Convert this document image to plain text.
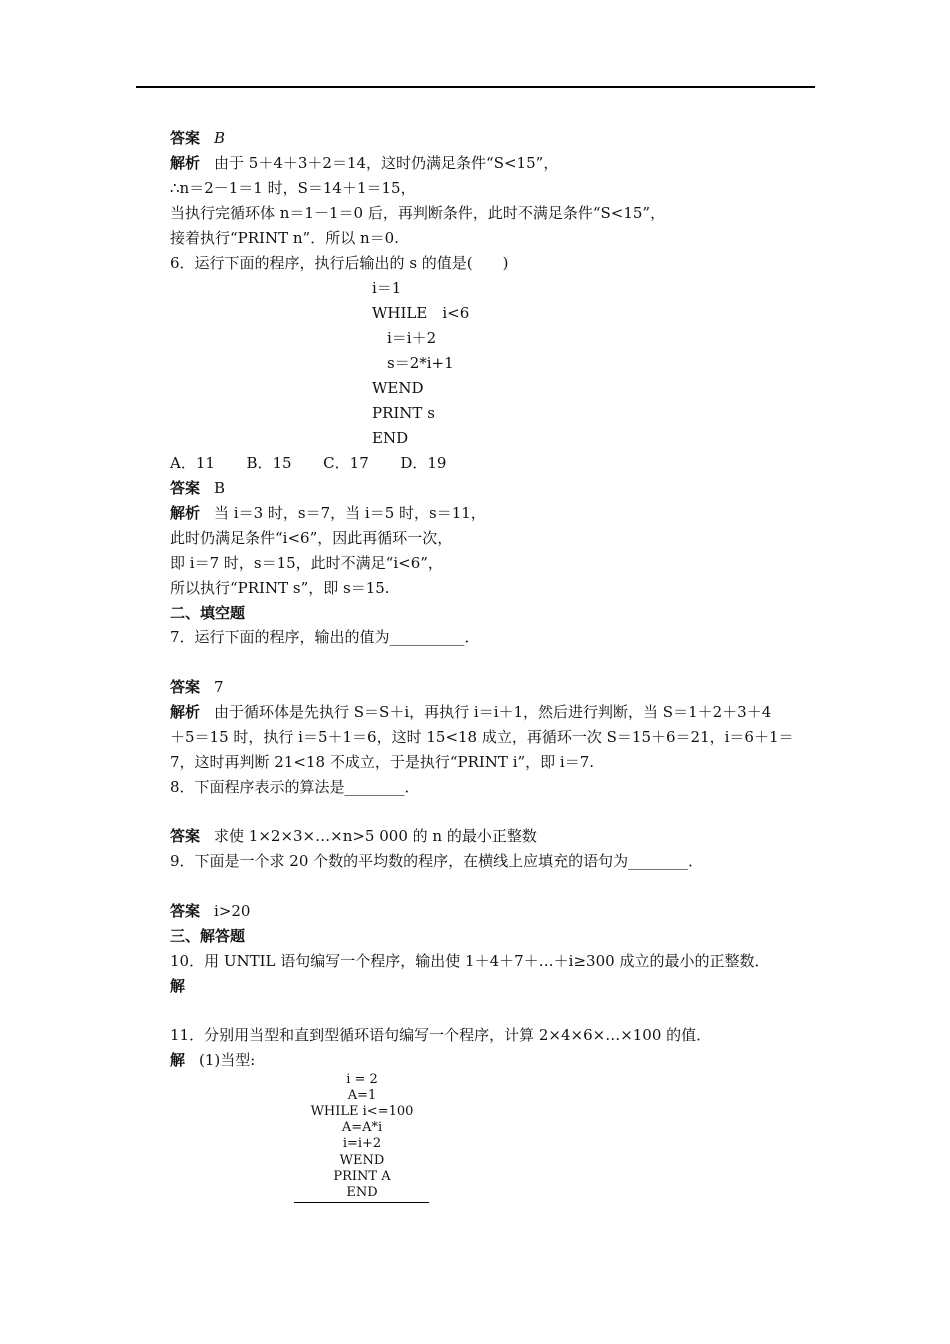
答案 B
解析 由于 5＋4＋3＋2＝14，这时仍满足条件“S<15”，
∴n＝2－1＝1 时，S＝14＋1＝15，
当执行完循环体 n＝1－1＝0 后，再判断条件，此时不满足条件“S<15”，
接着执行“PRINT n”．所以 n＝0.
6．运行下面的程序，执行后输出的 s 的值是(　　)
i＝1
WHILE　i<6
　i＝i＋2
　s＝2*i+1
WEND
PRINT s
END
A．11 B．15 C．17 D．19
答案 B
解析 当 i＝3 时，s＝7，当 i＝5 时，s＝11，
此时仍满足条件“i<6”，因此再循环一次，
即 i＝7 时，s＝15，此时不满足“i<6”，
所以执行“PRINT s”，即 s＝15.
二、填空题
7．运行下面的程序，输出的值为__________．
答案 7
解析 由于循环体是先执行 S＝S＋i，再执行 i＝i＋1，然后进行判断，当 S＝1＋2＋3＋4
＋5＝15 时，执行 i＝5＋1＝6，这时 15<18 成立，再循环一次 S＝15＋6＝21，i＝6＋1＝
7，这时再判断 21<18 不成立，于是执行“PRINT i”，即 i＝7.
8．下面程序表示的算法是________．
答案 求使 1×2×3×…×n>5 000 的 n 的最小正整数
9．下面是一个求 20 个数的平均数的程序，在横线上应填充的语句为________．
答案 i>20
三、解答题
10．用 UNTIL 语句编写一个程序，输出使 1＋4＋7＋…＋i≥300 成立的最小的正整数．
解
11．分别用当型和直到型循环语句编写一个程序，计算 2×4×6×…×100 的值．
解 (1)当型:
i = 2
A=1
WHILE i<=100
A=A*i
i=i+2
WEND
PRINT A
END
